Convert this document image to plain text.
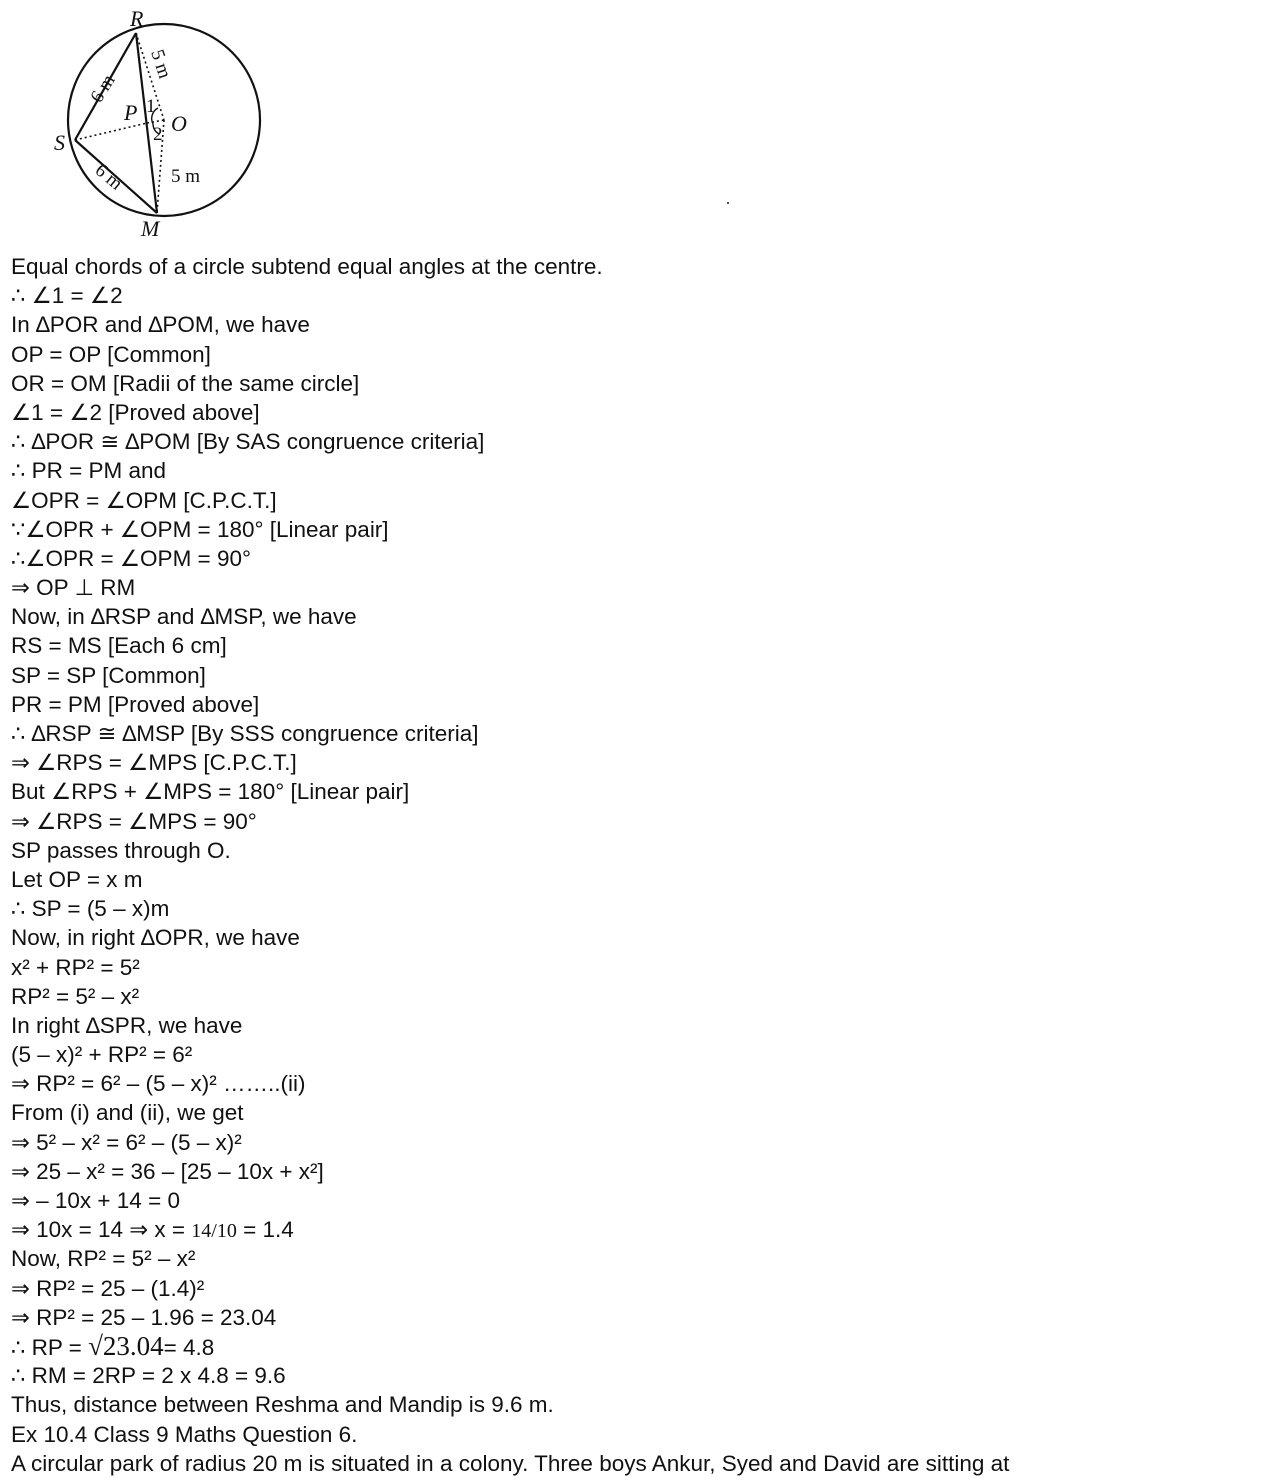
R
S
P O
M
1
2
6 m
6 m
5 m
5 m
Equal chords of a circle subtend equal angles at the centre.
∴ ∠1 = ∠2
In ∆POR and ∆POM, we have
OP = OP [Common]
OR = OM [Radii of the same circle]
∠1 = ∠2 [Proved above]
∴ ∆POR ≅ ∆POM [By SAS congruence criteria]
∴ PR = PM and
∠OPR = ∠OPM [C.P.C.T.]
∵∠OPR + ∠OPM = 180° [Linear pair]
∴∠OPR = ∠OPM = 90°
⇒ OP ⊥ RM
Now, in ∆RSP and ∆MSP, we have
RS = MS [Each 6 cm]
SP = SP [Common]
PR = PM [Proved above]
∴ ∆RSP ≅ ∆MSP [By SSS congruence criteria]
⇒ ∠RPS = ∠MPS [C.P.C.T.]
But ∠RPS + ∠MPS = 180° [Linear pair]
⇒ ∠RPS = ∠MPS = 90°
SP passes through O.
Let OP = x m
∴ SP = (5 – x)m
Now, in right ∆OPR, we have
x² + RP² = 5²
RP² = 5² – x²
In right ∆SPR, we have
(5 – x)² + RP² = 6²
⇒ RP² = 6² – (5 – x)² ……..(ii)
From (i) and (ii), we get
⇒ 5² – x² = 6² – (5 – x)²
⇒ 25 – x² = 36 – [25 – 10x + x²]
⇒ – 10x + 14 = 0
⇒ 10x = 14 ⇒ x = 14/10 = 1.4
Now, RP² = 5² – x²
⇒ RP² = 25 – (1.4)²
⇒ RP² = 25 – 1.96 = 23.04
∴ RP = √23.04= 4.8
∴ RM = 2RP = 2 x 4.8 = 9.6
Thus, distance between Reshma and Mandip is 9.6 m.
Ex 10.4 Class 9 Maths Question 6.
A circular park of radius 20 m is situated in a colony. Three boys Ankur, Syed and David are sitting at
